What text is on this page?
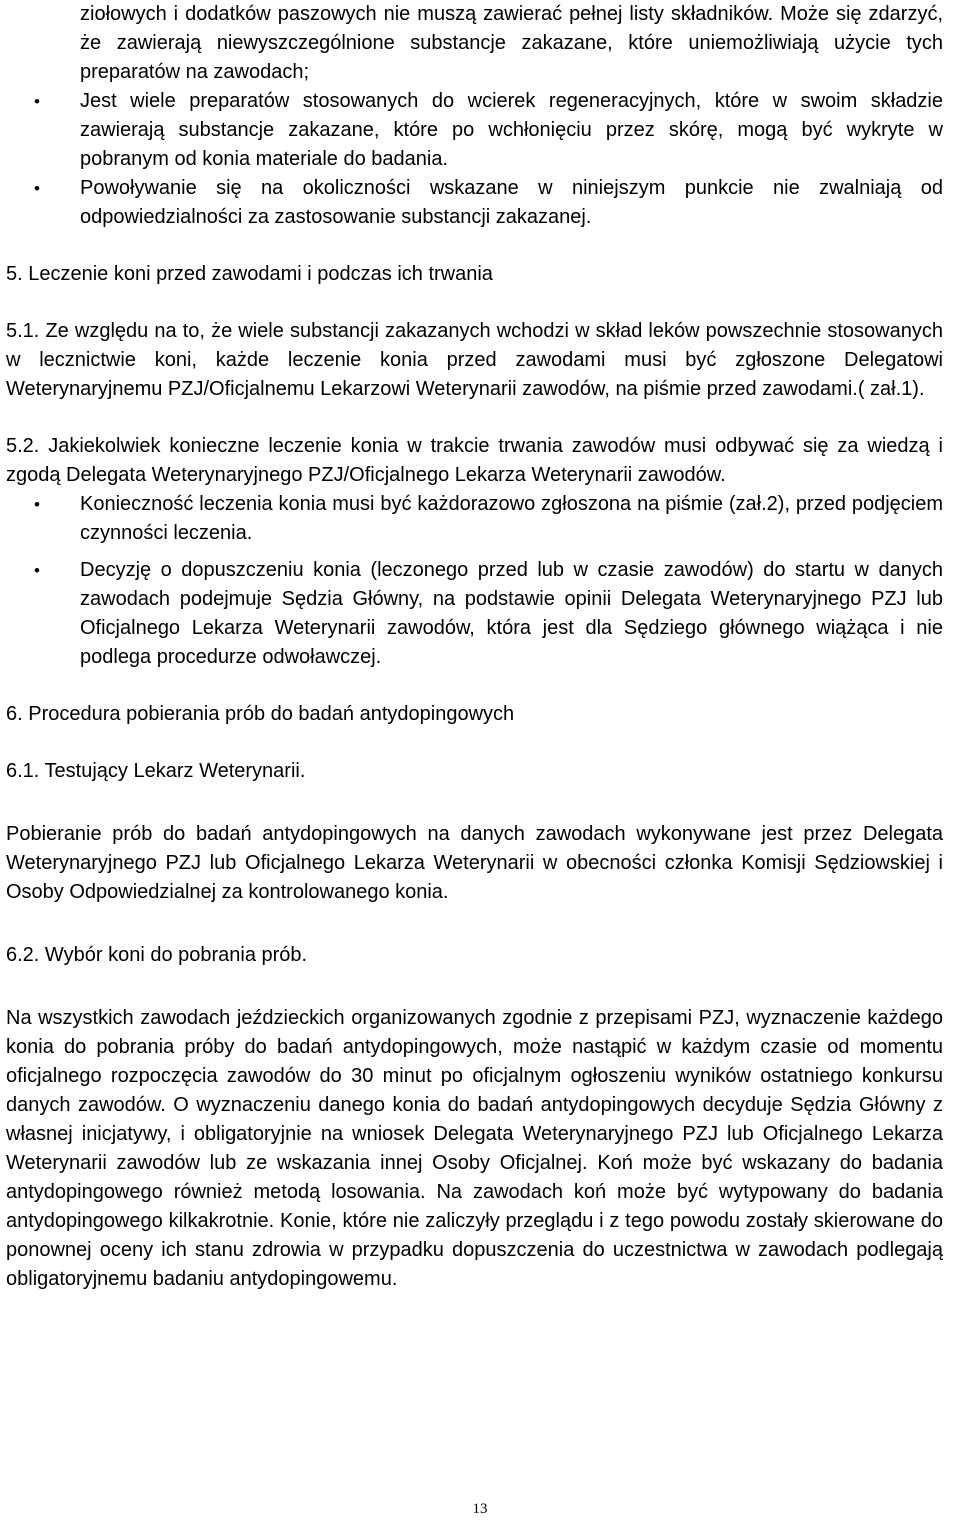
ziołowych i dodatków paszowych nie muszą zawierać pełnej listy składników. Może się zdarzyć, że zawierają niewyszczególnione substancje zakazane, które uniemożliwiają użycie tych preparatów na zawodach;

•	Jest wiele preparatów stosowanych do wcierek regeneracyjnych, które w swoim składzie zawierają substancje zakazane, które po wchłonięciu przez skórę, mogą być wykryte w pobranym od konia materiale do badania.
•	Powoływanie się na okoliczności wskazane w niniejszym punkcie nie zwalniają od odpowiedzialności za zastosowanie substancji zakazanej.

5. Leczenie koni przed zawodami i podczas ich trwania

5.1. Ze względu na to, że wiele substancji zakazanych wchodzi w skład leków powszechnie stosowanych w lecznictwie koni, każde leczenie konia przed zawodami musi być zgłoszone Delegatowi Weterynaryjnemu PZJ/Oficjalnemu Lekarzowi Weterynarii zawodów, na piśmie przed zawodami.( zał.1).

5.2. Jakiekolwiek konieczne leczenie konia w trakcie trwania zawodów musi odbywać się za wiedzą i zgodą Delegata Weterynaryjnego PZJ/Oficjalnego Lekarza Weterynarii zawodów.

•	Konieczność leczenia konia musi być każdorazowo zgłoszona na piśmie (zał.2), przed podjęciem czynności leczenia.
•	Decyzję o dopuszczeniu konia (leczonego przed lub w czasie zawodów) do startu w danych zawodach podejmuje Sędzia Główny, na podstawie opinii Delegata Weterynaryjnego PZJ lub Oficjalnego Lekarza Weterynarii zawodów, która jest dla Sędziego głównego wiążąca i nie podlega procedurze odwoławczej.

6. Procedura pobierania prób do badań antydopingowych

6.1. Testujący Lekarz Weterynarii.

Pobieranie prób do badań antydopingowych na danych zawodach wykonywane jest przez Delegata Weterynaryjnego PZJ lub Oficjalnego Lekarza Weterynarii w obecności członka Komisji Sędziowskiej i Osoby Odpowiedzialnej za kontrolowanego konia.

6.2. Wybór koni do pobrania prób.

Na wszystkich zawodach jeździeckich organizowanych zgodnie z przepisami PZJ, wyznaczenie każdego konia do pobrania próby do badań antydopingowych, może nastąpić w każdym czasie od momentu oficjalnego rozpoczęcia zawodów do 30 minut po oficjalnym ogłoszeniu wyników ostatniego konkursu danych zawodów. O wyznaczeniu danego konia do badań antydopingowych decyduje Sędzia Główny z własnej inicjatywy, i obligatoryjnie na wniosek Delegata Weterynaryjnego PZJ lub Oficjalnego Lekarza Weterynarii zawodów lub ze wskazania innej Osoby Oficjalnej. Koń może być wskazany do badania antydopingowego również metodą losowania. Na zawodach koń może być wytypowany do badania antydopingowego kilkakrotnie. Konie, które nie zaliczyły przeglądu i z tego powodu zostały skierowane do ponownej oceny ich stanu zdrowia w przypadku dopuszczenia do uczestnictwa w zawodach podlegają obligatoryjnemu badaniu antydopingowemu.

13
